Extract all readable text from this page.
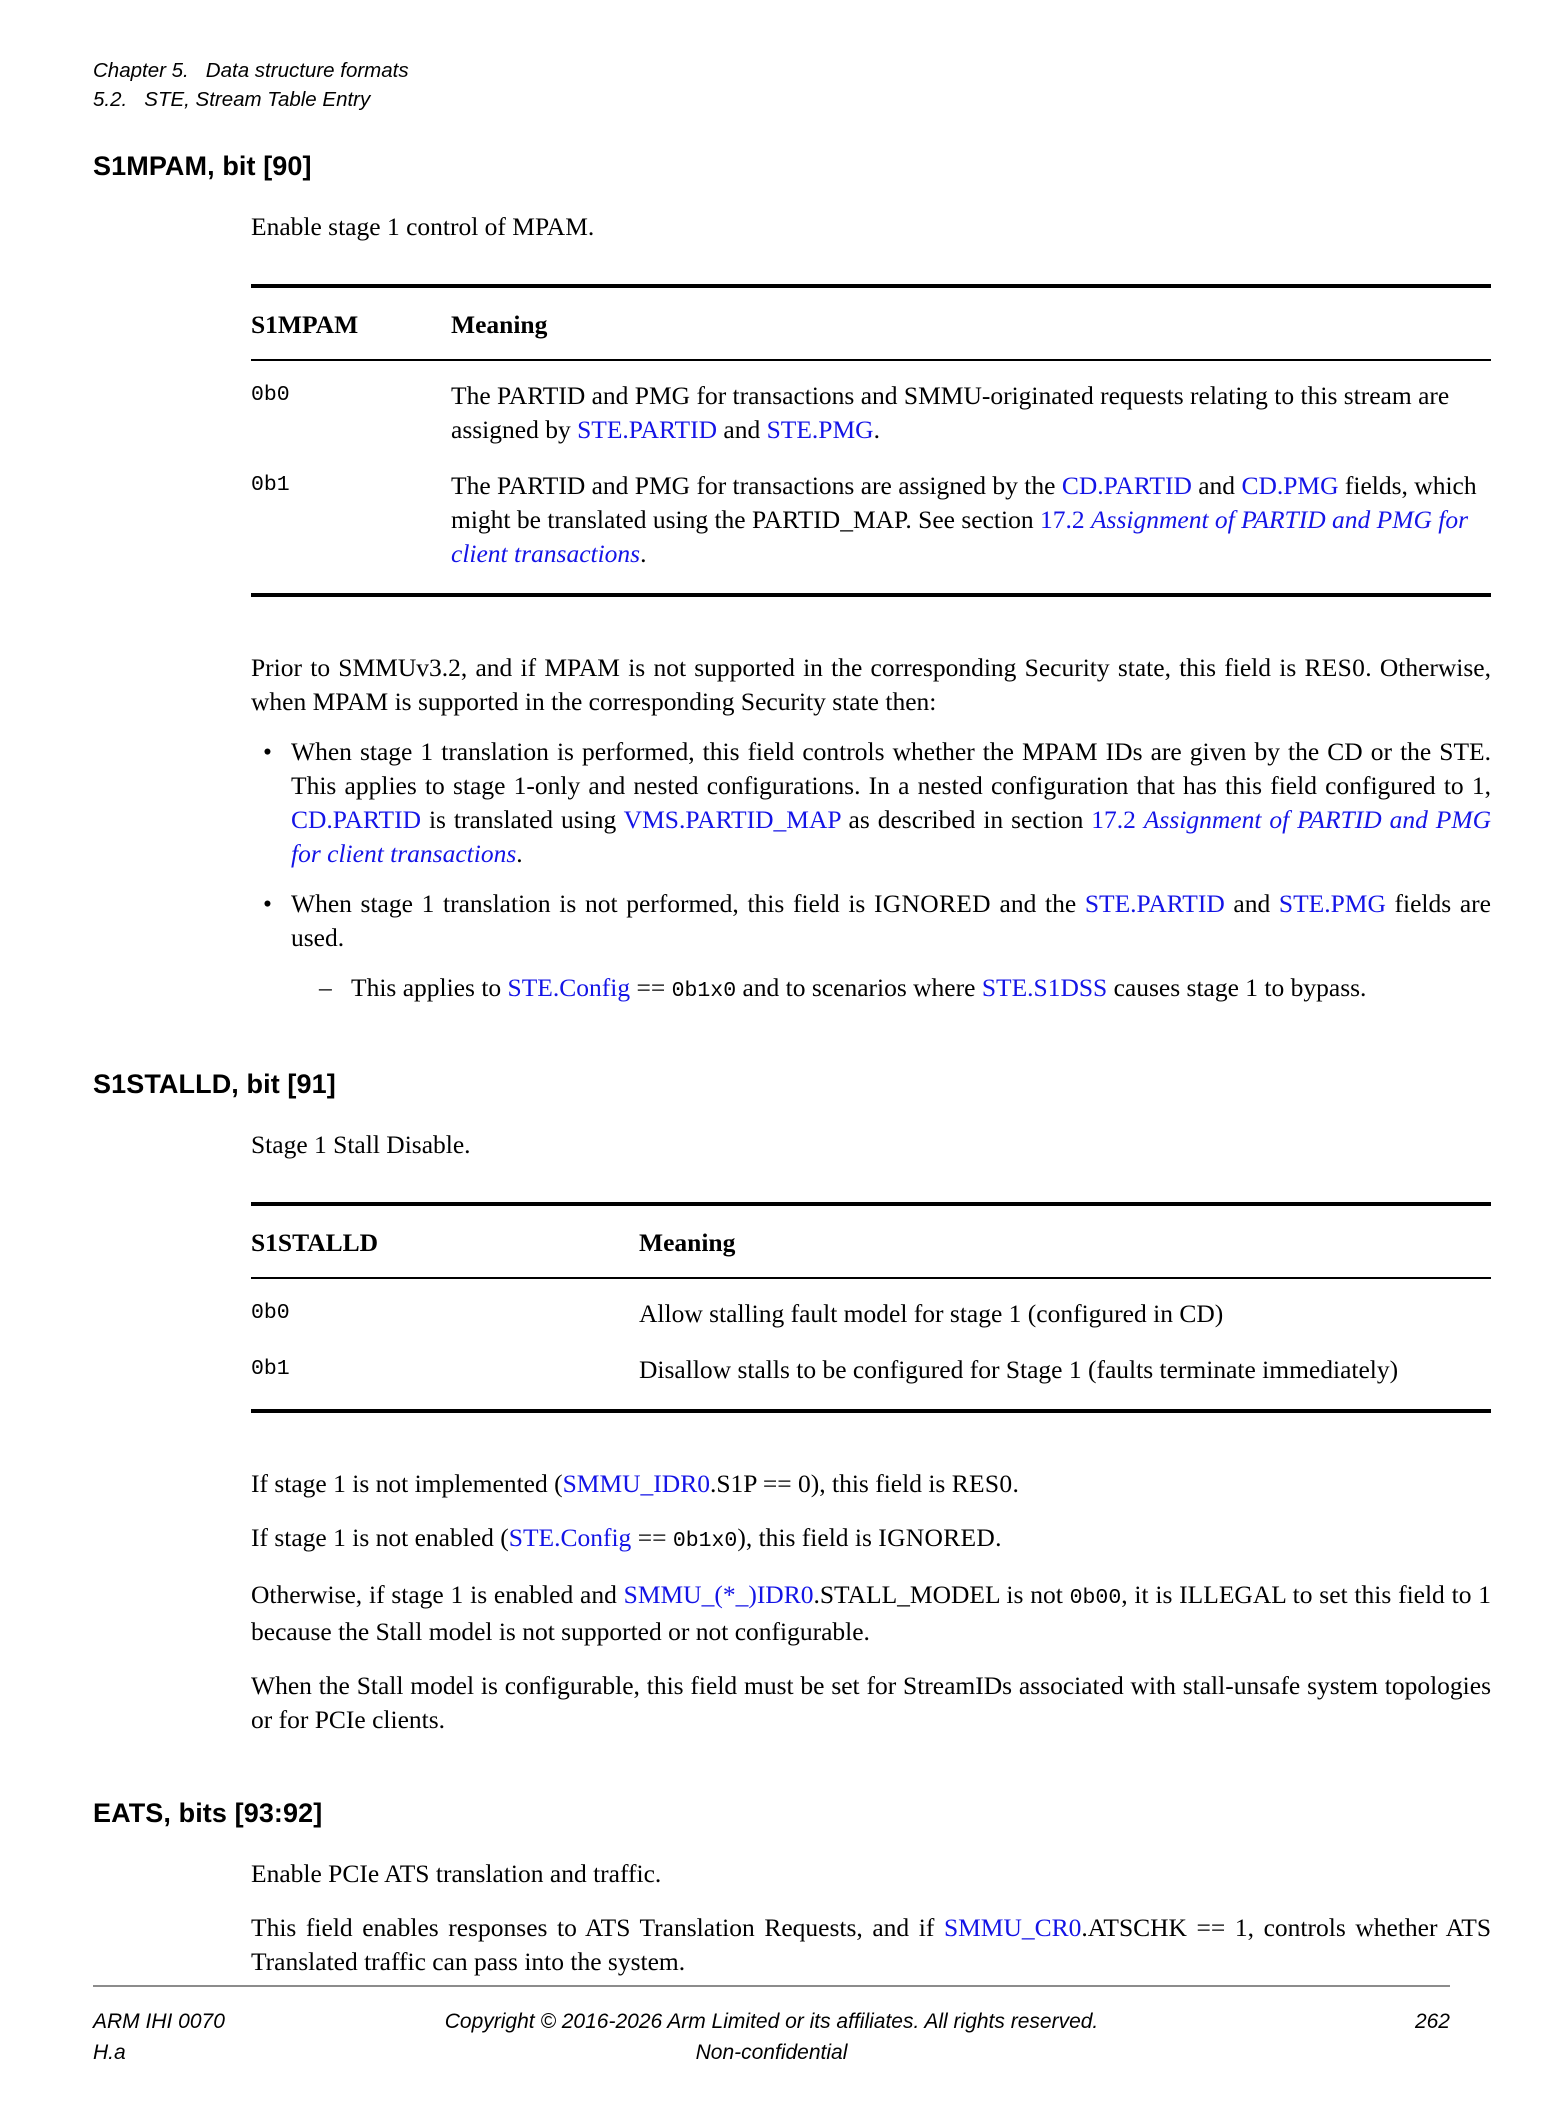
Chapter 5.   Data structure formats
5.2.   STE, Stream Table Entry
S1MPAM, bit [90]

Enable stage 1 control of MPAM.

S1MPAM	Meaning

0b0	The PARTID and PMG for transactions and SMMU-originated requests relating to this stream are assigned by STE.PARTID and STE.PMG.
0b1	The PARTID and PMG for transactions are assigned by the CD.PARTID and CD.PMG fields, which might be translated using the PARTID_MAP. See section 17.2 Assignment of PARTID and PMG for client transactions.

Prior to SMMUv3.2, and if MPAM is not supported in the corresponding Security state, this field is RES0. Otherwise, when MPAM is supported in the corresponding Security state then:

• When stage 1 translation is performed, this field controls whether the MPAM IDs are given by the CD or the STE. This applies to stage 1-only and nested configurations. In a nested configuration that has this field configured to 1, CD.PARTID is translated using VMS.PARTID_MAP as described in section 17.2 Assignment of PARTID and PMG for client transactions.
• When stage 1 translation is not performed, this field is IGNORED and the STE.PARTID and STE.PMG fields are used.
– This applies to STE.Config == 0b1x0 and to scenarios where STE.S1DSS causes stage 1 to bypass.
S1STALLD, bit [91]

Stage 1 Stall Disable.

S1STALLD	Meaning

0b0	Allow stalling fault model for stage 1 (configured in CD)
0b1	Disallow stalls to be configured for Stage 1 (faults terminate immediately)

If stage 1 is not implemented (SMMU_IDR0.S1P == 0), this field is RES0.

If stage 1 is not enabled (STE.Config == 0b1x0), this field is IGNORED.

Otherwise, if stage 1 is enabled and SMMU_(*_)IDR0.STALL_MODEL is not 0b00, it is ILLEGAL to set this field to 1 because the Stall model is not supported or not configurable.

When the Stall model is configurable, this field must be set for StreamIDs associated with stall-unsafe system topologies or for PCIe clients.

EATS, bits [93:92]

Enable PCIe ATS translation and traffic.

This field enables responses to ATS Translation Requests, and if SMMU_CR0.ATSCHK == 1, controls whether ATS Translated traffic can pass into the system.

ARM IHI 0070	Copyright © 2016-2026 Arm Limited or its affiliates. All rights reserved.	262
H.a	Non-confidential
